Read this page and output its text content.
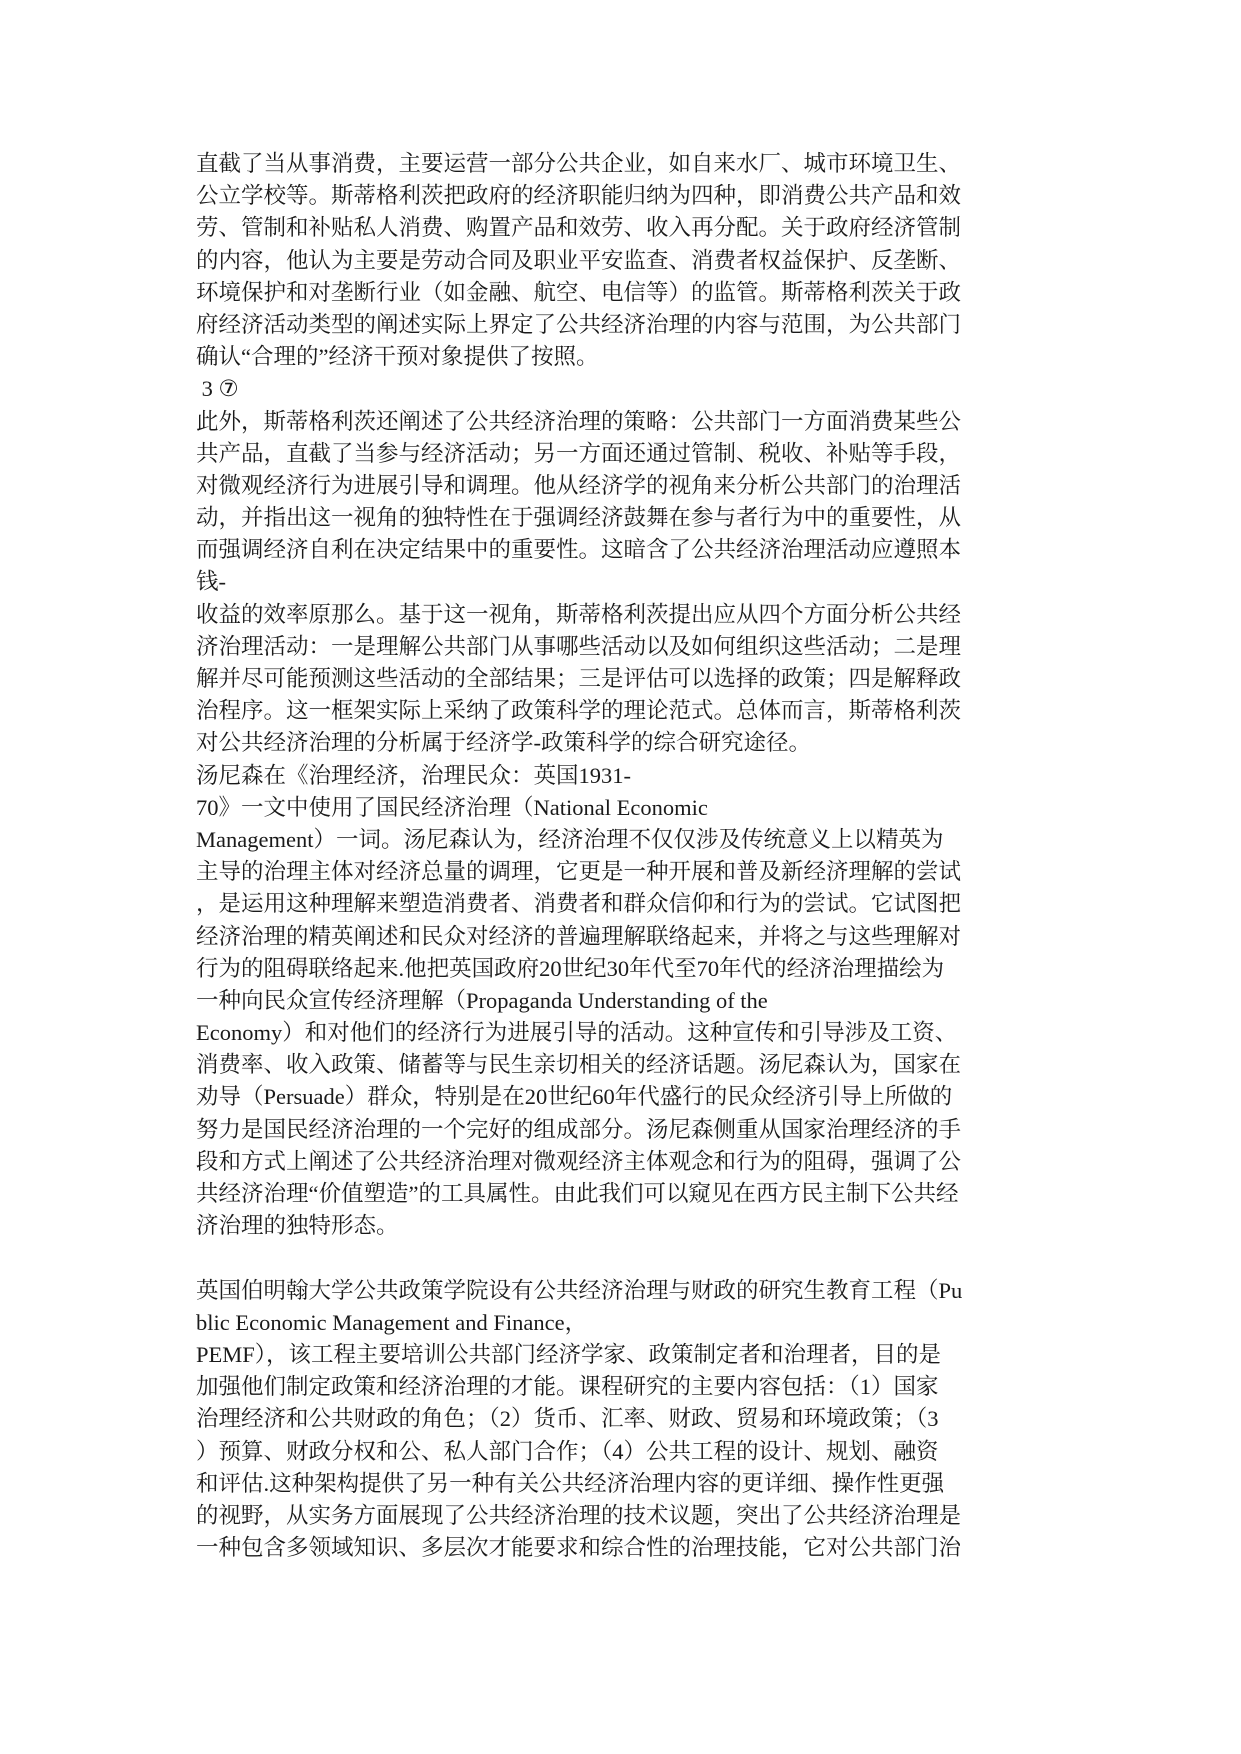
直截了当从事消费，主要运营一部分公共企业，如自来水厂、城市环境卫生、
公立学校等。斯蒂格利茨把政府的经济职能归纳为四种，即消费公共产品和效
劳、管制和补贴私人消费、购置产品和效劳、收入再分配。关于政府经济管制
的内容，他认为主要是劳动合同及职业平安监查、消费者权益保护、反垄断、
环境保护和对垄断行业（如金融、航空、电信等）的监管。斯蒂格利茨关于政
府经济活动类型的阐述实际上界定了公共经济治理的内容与范围，为公共部门
确认“合理的”经济干预对象提供了按照。
3 ⑦
此外，斯蒂格利茨还阐述了公共经济治理的策略：公共部门一方面消费某些公
共产品，直截了当参与经济活动；另一方面还通过管制、税收、补贴等手段，
对微观经济行为进展引导和调理。他从经济学的视角来分析公共部门的治理活
动，并指出这一视角的独特性在于强调经济鼓舞在参与者行为中的重要性，从
而强调经济自利在决定结果中的重要性。这暗含了公共经济治理活动应遵照本
钱-
收益的效率原那么。基于这一视角，斯蒂格利茨提出应从四个方面分析公共经
济治理活动：一是理解公共部门从事哪些活动以及如何组织这些活动；二是理
解并尽可能预测这些活动的全部结果；三是评估可以选择的政策；四是解释政
治程序。这一框架实际上采纳了政策科学的理论范式。总体而言，斯蒂格利茨
对公共经济治理的分析属于经济学-政策科学的综合研究途径。
汤尼森在《治理经济，治理民众：英国1931-
70》一文中使用了国民经济治理（National Economic
Management）一词。汤尼森认为，经济治理不仅仅涉及传统意义上以精英为
主导的治理主体对经济总量的调理，它更是一种开展和普及新经济理解的尝试
，是运用这种理解来塑造消费者、消费者和群众信仰和行为的尝试。它试图把
经济治理的精英阐述和民众对经济的普遍理解联络起来，并将之与这些理解对
行为的阻碍联络起来.他把英国政府20世纪30年代至70年代的经济治理描绘为
一种向民众宣传经济理解（Propaganda Understanding of the
Economy）和对他们的经济行为进展引导的活动。这种宣传和引导涉及工资、
消费率、收入政策、储蓄等与民生亲切相关的经济话题。汤尼森认为，国家在
劝导（Persuade）群众，特别是在20世纪60年代盛行的民众经济引导上所做的
努力是国民经济治理的一个完好的组成部分。汤尼森侧重从国家治理经济的手
段和方式上阐述了公共经济治理对微观经济主体观念和行为的阻碍，强调了公
共经济治理“价值塑造”的工具属性。由此我们可以窥见在西方民主制下公共经
济治理的独特形态。
英国伯明翰大学公共政策学院设有公共经济治理与财政的研究生教育工程（Pu
blic Economic Management and Finance，
PEMF），该工程主要培训公共部门经济学家、政策制定者和治理者，目的是
加强他们制定政策和经济治理的才能。课程研究的主要内容包括：（1）国家
治理经济和公共财政的角色；（2）货币、汇率、财政、贸易和环境政策；（3
）预算、财政分权和公、私人部门合作；（4）公共工程的设计、规划、融资
和评估.这种架构提供了另一种有关公共经济治理内容的更详细、操作性更强
的视野，从实务方面展现了公共经济治理的技术议题，突出了公共经济治理是
一种包含多领域知识、多层次才能要求和综合性的治理技能，它对公共部门治
